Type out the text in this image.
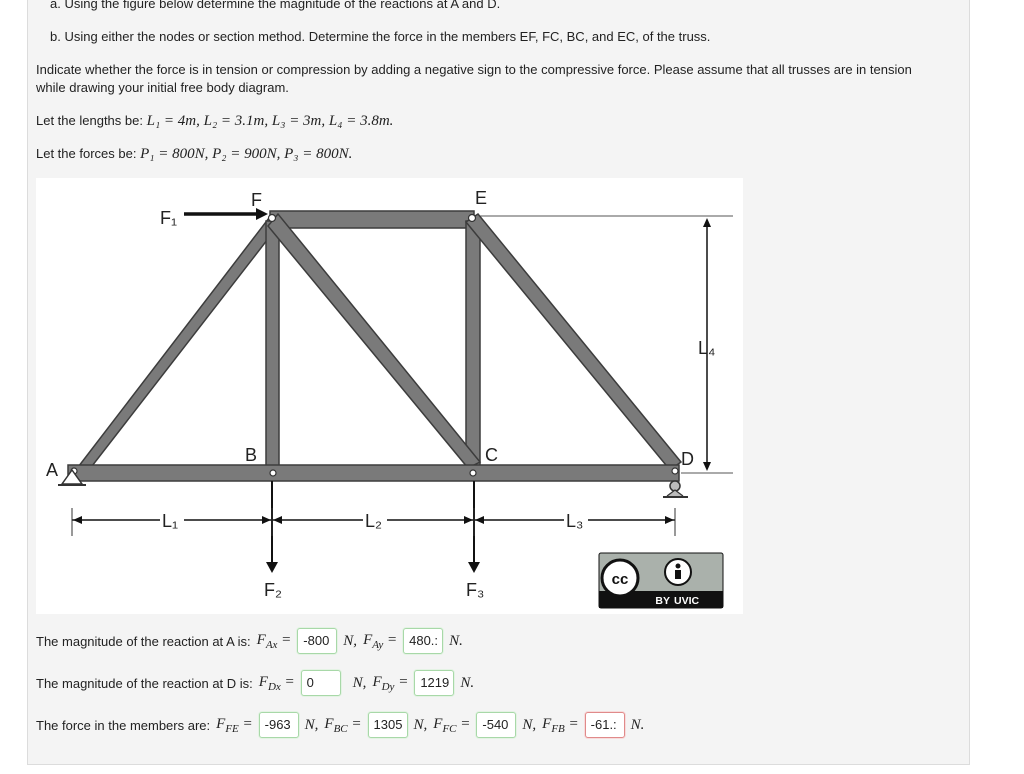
a. Using the figure below determine the magnitude of the reactions at A and D.
b. Using either the nodes or section method. Determine the force in the members EF, FC, BC, and EC, of the truss.
Indicate whether the force is in tension or compression by adding a negative sign to the compressive force. Please assume that all trusses are in tension
while drawing your initial free body diagram.
Let the lengths be: L₁ = 4m, L₂ = 3.1m, L₃ = 3m, L₄ = 3.8m.
Let the forces be: P₁ = 800N, P₂ = 900N, P₃ = 800N.
F	E
B	C
A
D
F₁
F₂	F₃
L₁	L₂	L₃
L₄
cc
BY UVIC
The magnitude of the reaction at A is: $F_{Ax} = -800$ N, $F_{Ay} = 480$.: N.
The magnitude of the reaction at D is: $F_{Dx} = 0$	N, $F_{Dy} = 1219$ N.
The force in the members are: $F_{FE} = -963$ N, $F_{BC} = 1305$ N, $F_{FC} = -540$ N, $F_{FB} = -61$.: N.
